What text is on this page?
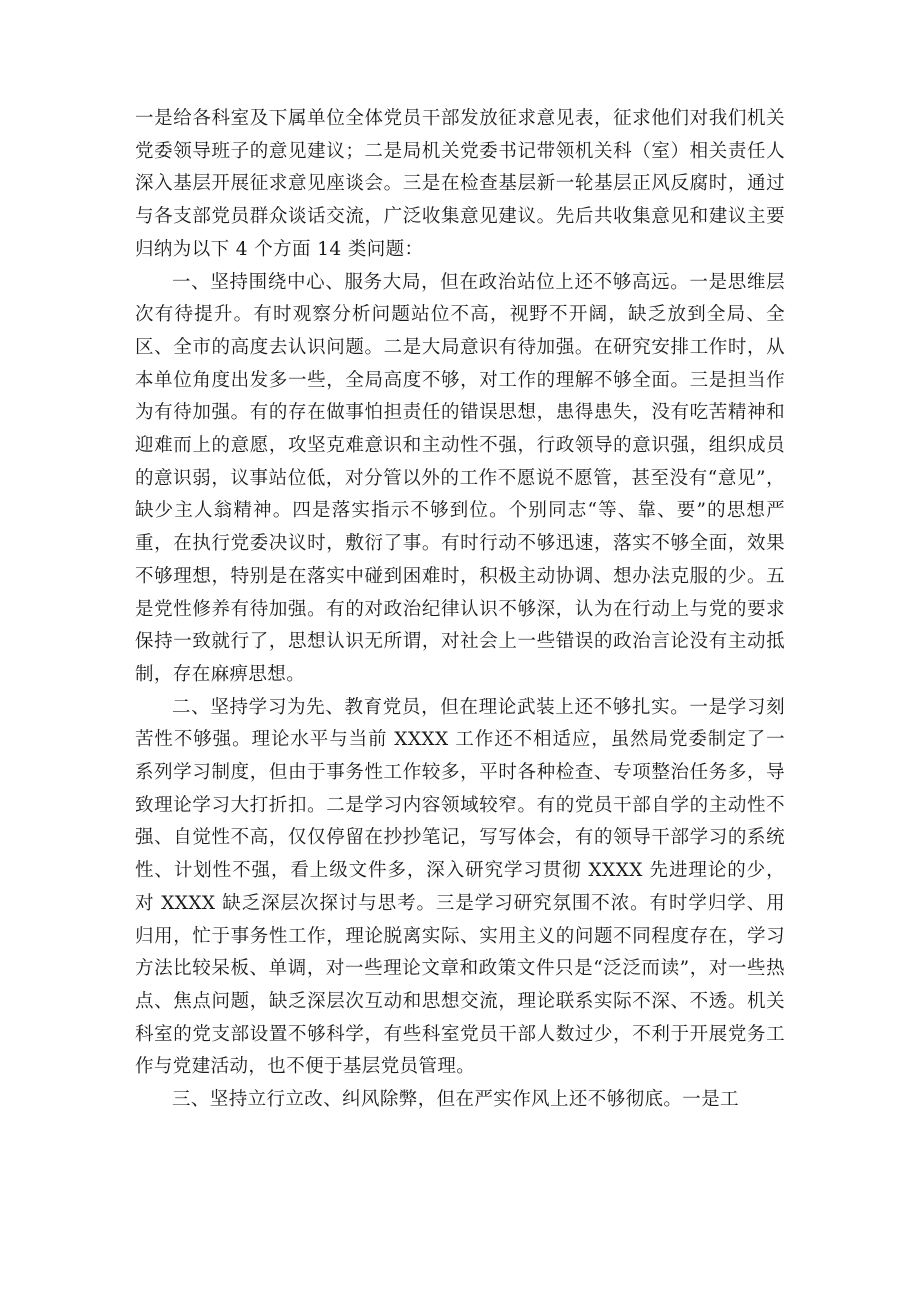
一是给各科室及下属单位全体党员干部发放征求意见表，征求他们对我们机关党委领导班子的意见建议；二是局机关党委书记带领机关科（室）相关责任人深入基层开展征求意见座谈会。三是在检查基层新一轮基层正风反腐时，通过与各支部党员群众谈话交流，广泛收集意见建议。先后共收集意见和建议主要归纳为以下 4 个方面 14 类问题：

一、坚持围绕中心、服务大局，但在政治站位上还不够高远。一是思维层次有待提升。有时观察分析问题站位不高，视野不开阔，缺乏放到全局、全区、全市的高度去认识问题。二是大局意识有待加强。在研究安排工作时，从本单位角度出发多一些，全局高度不够，对工作的理解不够全面。三是担当作为有待加强。有的存在做事怕担责任的错误思想，患得患失，没有吃苦精神和迎难而上的意愿，攻坚克难意识和主动性不强，行政领导的意识强，组织成员的意识弱，议事站位低，对分管以外的工作不愿说不愿管，甚至没有“意见”，缺少主人翁精神。四是落实指示不够到位。个别同志“等、靠、要”的思想严重，在执行党委决议时，敷衍了事。有时行动不够迅速，落实不够全面，效果不够理想，特别是在落实中碰到困难时，积极主动协调、想办法克服的少。五是党性修养有待加强。有的对政治纪律认识不够深，认为在行动上与党的要求保持一致就行了，思想认识无所谓，对社会上一些错误的政治言论没有主动抵制，存在麻痹思想。

二、坚持学习为先、教育党员，但在理论武装上还不够扎实。一是学习刻苦性不够强。理论水平与当前 XXXX 工作还不相适应，虽然局党委制定了一系列学习制度，但由于事务性工作较多，平时各种检查、专项整治任务多，导致理论学习大打折扣。二是学习内容领域较窄。有的党员干部自学的主动性不强、自觉性不高，仅仅停留在抄抄笔记，写写体会，有的领导干部学习的系统性、计划性不强，看上级文件多，深入研究学习贯彻 XXXX 先进理论的少，对 XXXX 缺乏深层次探讨与思考。三是学习研究氛围不浓。有时学归学、用归用，忙于事务性工作，理论脱离实际、实用主义的问题不同程度存在，学习方法比较呆板、单调，对一些理论文章和政策文件只是“泛泛而读”，对一些热点、焦点问题，缺乏深层次互动和思想交流，理论联系实际不深、不透。机关科室的党支部设置不够科学，有些科室党员干部人数过少，不利于开展党务工作与党建活动，也不便于基层党员管理。

三、坚持立行立改、纠风除弊，但在严实作风上还不够彻底。一是工
